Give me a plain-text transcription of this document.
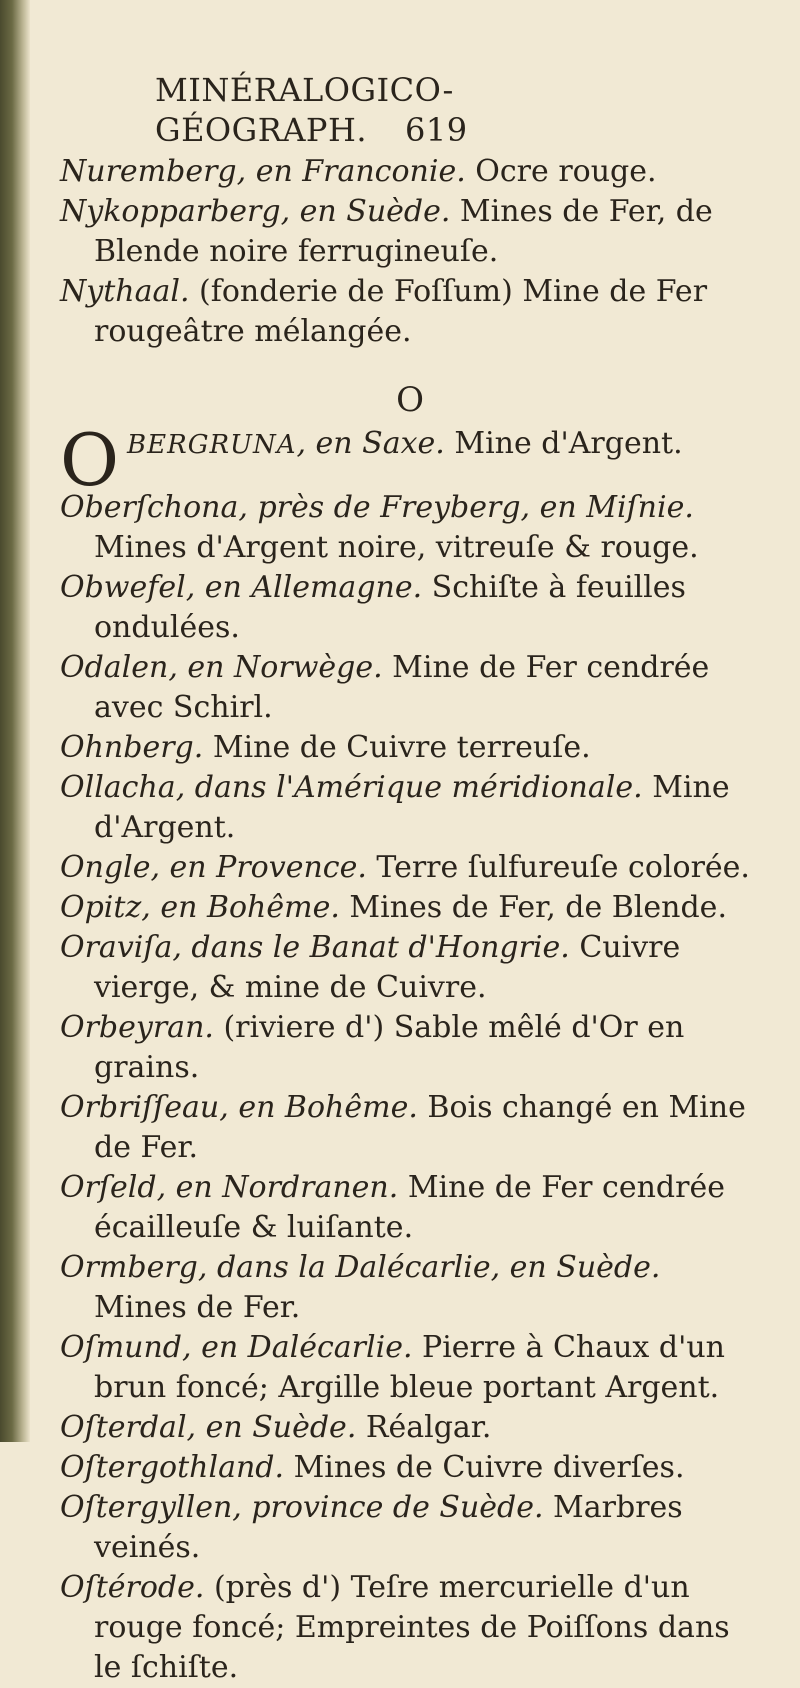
MINÉRALOGICO-GÉOGRAPH. 619

Nuremberg, en Franconie. Ocre rouge.

Nykopparberg, en Suède. Mines de Fer, de Blende noire ferrugineuſe.

Nythaal. (fonderie de Foſſum) Mine de Fer rougeâtre mélangée.

O

OBERGRUNA, en Saxe. Mine d'Argent.

Oberſchona, près de Freyberg, en Miſnie. Mines d'Argent noire, vitreuſe & rouge.

Obwefel, en Allemagne. Schiſte à feuilles ondulées.

Odalen, en Norwège. Mine de Fer cendrée avec Schirl.

Ohnberg. Mine de Cuivre terreuſe.

Ollacha, dans l'Amérique méridionale. Mine d'Argent.

Ongle, en Provence. Terre ſulfureuſe colorée.

Opitz, en Bohême. Mines de Fer, de Blende.

Oraviſa, dans le Banat d'Hongrie. Cuivre vierge, & mine de Cuivre.

Orbeyran. (riviere d') Sable mêlé d'Or en grains.

Orbriſſeau, en Bohême. Bois changé en Mine de Fer.

Orſeld, en Nordranen. Mine de Fer cendrée écailleuſe & luiſante.

Ormberg, dans la Dalécarlie, en Suède. Mines de Fer.

Oſmund, en Dalécarlie. Pierre à Chaux d'un brun foncé; Argille bleue portant Argent.

Oſterdal, en Suède. Réalgar.

Oſtergothland. Mines de Cuivre diverſes.

Oſtergyllen, province de Suède. Marbres veinés.

Oſtérode. (près d') Teſre mercurielle d'un rouge foncé; Empreintes de Poiſſons dans le ſchiſte.
